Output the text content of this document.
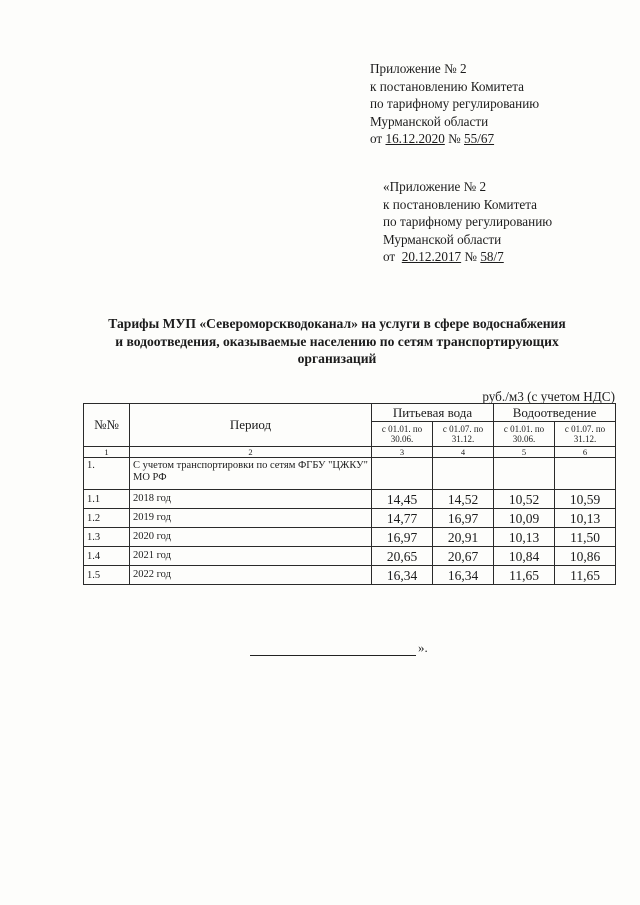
Приложение № 2
к постановлению Комитета
по тарифному регулированию
Мурманской области
от 16.12.2020 № 55/67
«Приложение № 2
к постановлению Комитета
по тарифному регулированию
Мурманской области
от  20.12.2017 № 58/7
Тарифы МУП «Североморскводоканал» на услуги в сфере водоснабжения
и водоотведения, оказываемые населению по сетям транспортирующих
организаций
руб./м3 (с учетом НДС)
№№	Период	Питьевая вода		Водоотведение	
		с 01.01. по 30.06.	с 01.07. по 31.12.	с 01.01. по 30.06.	с 01.07. по 31.12.
1	2	3	4	5	6
1.	С учетом транспортировки по сетям ФГБУ "ЦЖКУ" МО РФ				
1.1	2018 год	14,45	14,52	10,52	10,59
1.2	2019 год	14,77	16,97	10,09	10,13
1.3	2020 год	16,97	20,91	10,13	11,50
1.4	2021 год	20,65	20,67	10,84	10,86
1.5	2022 год	16,34	16,34	11,65	11,65
».
